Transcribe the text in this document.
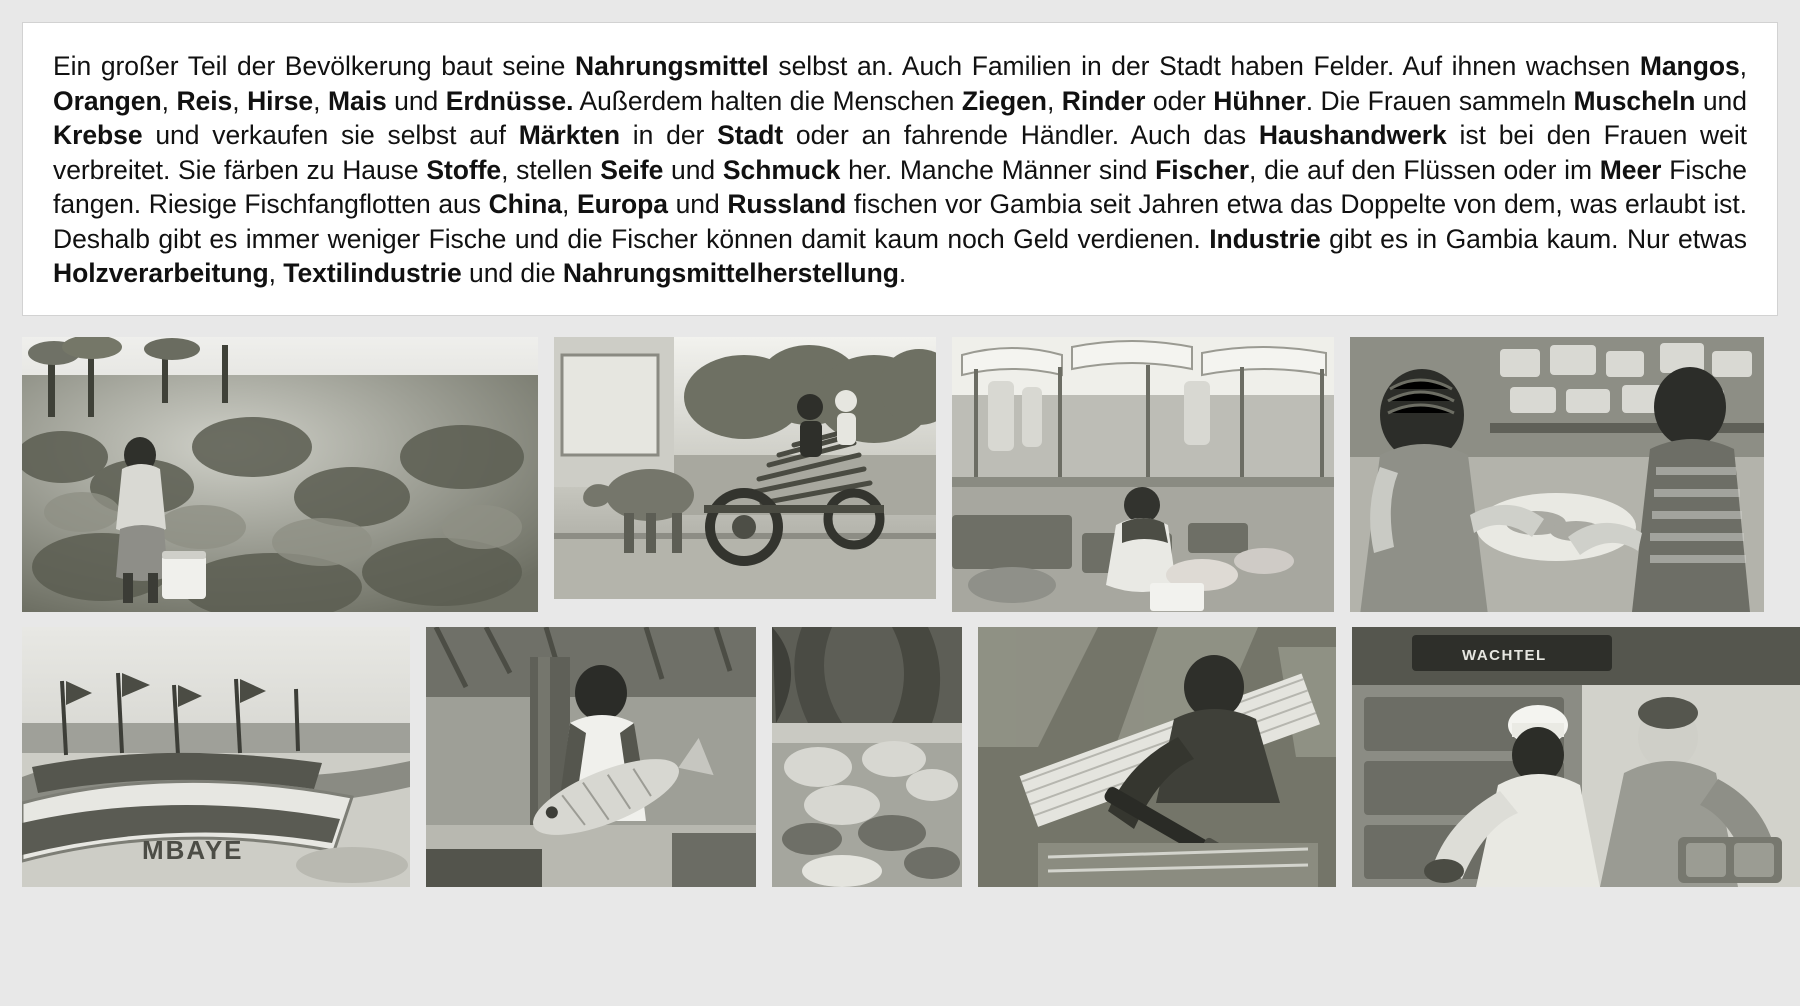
Ein großer Teil der Bevölkerung baut seine Nahrungsmittel selbst an. Auch Familien in der Stadt haben Felder. Auf ihnen wachsen Mangos, Orangen, Reis, Hirse, Mais und Erdnüsse. Außerdem halten die Menschen Ziegen, Rinder oder Hühner. Die Frauen sammeln Muscheln und Krebse und verkaufen sie selbst auf Märkten in der Stadt oder an fahrende Händler. Auch das Haushandwerk ist bei den Frauen weit verbreitet. Sie färben zu Hause Stoffe, stellen Seife und Schmuck her. Manche Männer sind Fischer, die auf den Flüssen oder im Meer Fische fangen. Riesige Fischfangflotten aus China, Europa und Russland fischen vor Gambia seit Jahren etwa das Doppelte von dem, was erlaubt ist. Deshalb gibt es immer weniger Fische und die Fischer können damit kaum noch Geld verdienen. Industrie gibt es in Gambia kaum. Nur etwas Holzverarbeitung, Textilindustrie und die Nahrungsmittelherstellung.

MBAYE
WACHTEL
